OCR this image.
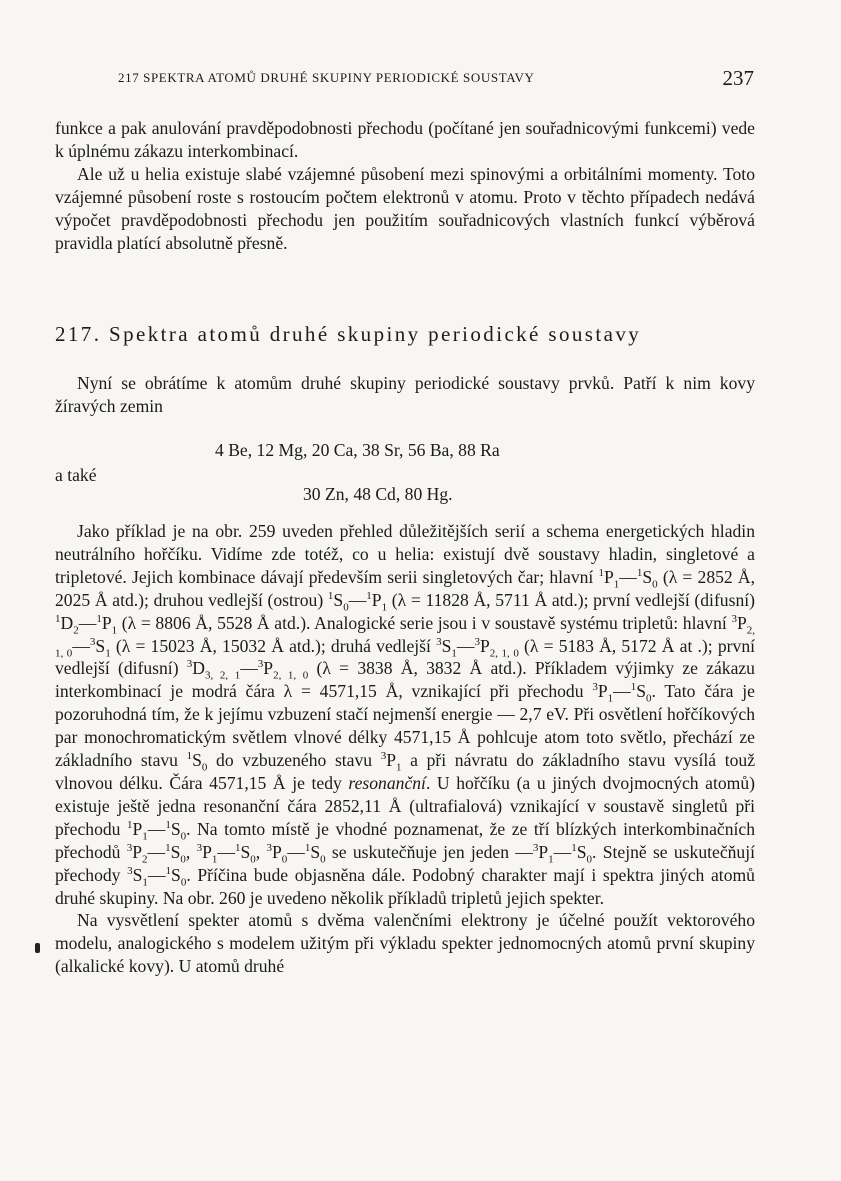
217 SPEKTRA ATOMŮ DRUHÉ SKUPINY PERIODICKÉ SOUSTAVY	237

funkce a pak anulování pravděpodobnosti přechodu (počítané jen souřadnicovými funkcemi) vede k úplnému zákazu interkombinací.

Ale už u helia existuje slabé vzájemné působení mezi spinovými a orbitálními momenty. Toto vzájemné působení roste s rostoucím počtem elektronů v atomu. Proto v těchto případech nedává výpočet pravděpodobnosti přechodu jen použitím souřadnicových vlastních funkcí výběrová pravidla platící absolutně přesně.

217. Spektra atomů druhé skupiny periodické soustavy

Nyní se obrátíme k atomům druhé skupiny periodické soustavy prvků. Patří k nim kovy žíravých zemin

4 Be, 12 Mg, 20 Ca, 38 Sr, 56 Ba, 88 Ra
a také
30 Zn, 48 Cd, 80 Hg.

Jako příklad je na obr. 259 uveden přehled důležitějších serií a schema energetických hladin neutrálního hořčíku. Vidíme zde totéž, co u helia: existují dvě soustavy hladin, singletové a tripletové. Jejich kombinace dávají především serii singletových čar; hlavní $^1P_1—^1S_0$ (λ = 2852 Å, 2025 Å atd.); druhou vedlejší (ostrou) $^1S_0—^1P_1$ (λ = 11828 Å, 5711 Å atd.); první vedlejší (difusní) $^1D_2—^1P_1$ (λ = 8806 Å, 5528 Å atd.). Analogické serie jsou i v soustavě systému tripletů: hlavní $^3P_{2, 1, 0}—^3S_1$ (λ = 15023 Å, 15032 Å atd.); druhá vedlejší $^3S_1—^3P_{2, 1, 0}$ (λ = 5183 Å, 5172 Å at .); první vedlejší (difusní) $^3D_{3, 2, 1}—^3P_{2, 1, 0}$ (λ = 3838 Å, 3832 Å atd.). Příkladem výjimky ze zákazu interkombinací je modrá čára λ = 4571,15 Å, vznikající při přechodu $^3P_1—^1S_0$. Tato čára je pozoruhodná tím, že k jejímu vzbuzení stačí nejmenší energie — 2,7 eV. Při osvětlení hořčíkových par monochromatickým světlem vlnové délky 4571,15 Å pohlcuje atom toto světlo, přechází ze základního stavu $^1S_0$ do vzbuzeného stavu $^3P_1$ a při návratu do základního stavu vysílá touž vlnovou délku. Čára 4571,15 Å je tedy resonanční. U hořčíku (a u jiných dvojmocných atomů) existuje ještě jedna resonanční čára 2852,11 Å (ultrafialová) vznikající v soustavě singletů při přechodu $^1P_1—^1S_0$. Na tomto místě je vhodné poznamenat, že ze tří blízkých interkombinačních přechodů $^3P_2—^1S_0$, $^3P_1—^1S_0$, $^3P_0—^1S_0$ se uskutečňuje jen jeden $—^3P_1—^1S_0$. Stejně se uskutečňují přechody $^3S_1—^1S_0$. Příčina bude objasněna dále. Podobný charakter mají i spektra jiných atomů druhé skupiny. Na obr. 260 je uvedeno několik příkladů tripletů jejich spekter.

Na vysvětlení spekter atomů s dvěma valenčními elektrony je účelné použít vektorového modelu, analogického s modelem užitým při výkladu spekter jednomocných atomů první skupiny (alkalické kovy). U atomů druhé
